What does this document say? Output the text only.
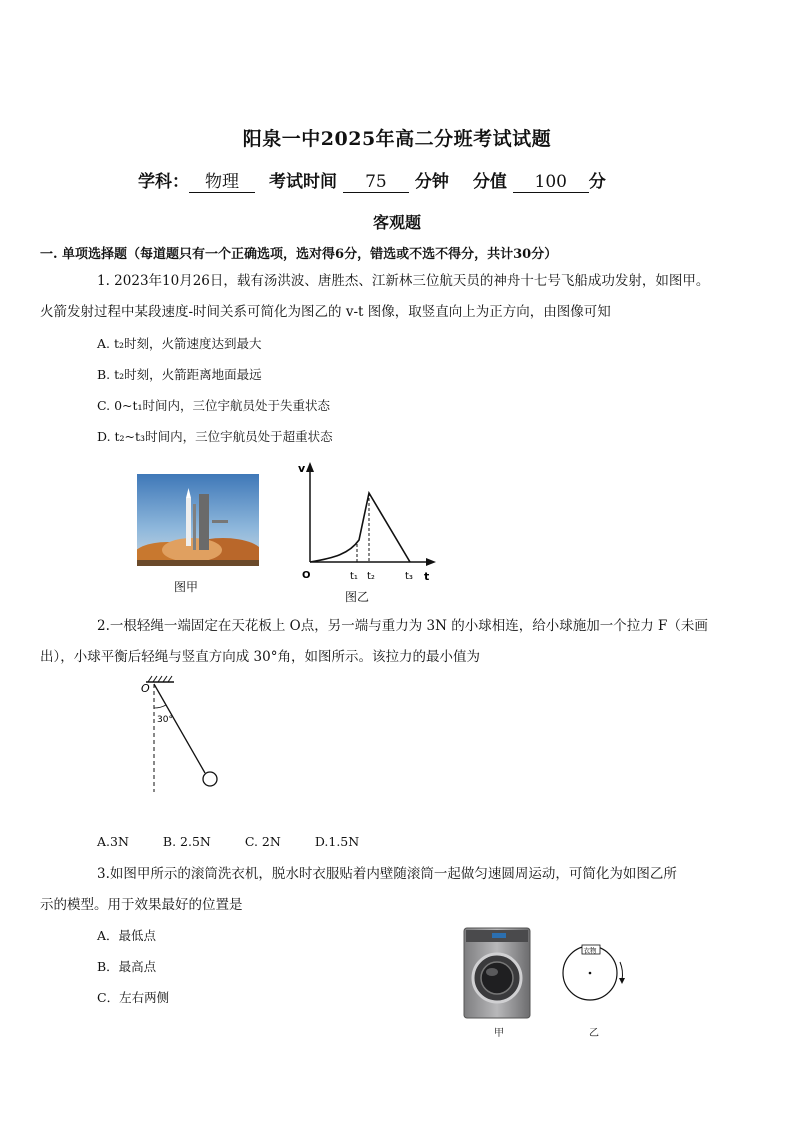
阳泉一中2025年高二分班考试试题
学科： 物理 考试时间 75 分钟 分值 100 分
客观题
一. 单项选择题（每道题只有一个正确选项，选对得6分，错选或不选不得分，共计30分）
1. 2023年10月26日，载有汤洪波、唐胜杰、江新林三位航天员的神舟十七号飞船成功发射，如图甲。
火箭发射过程中某段速度-时间关系可简化为图乙的 v-t 图像，取竖直向上为正方向，由图像可知
A. t₂时刻，火箭速度达到最大
B. t₂时刻，火箭距离地面最远
C. 0~t₁时间内，三位宇航员处于失重状态
D. t₂~t₃时间内，三位宇航员处于超重状态
图甲
v
O	t₁ t₂	t₃ t
图乙
2.一根轻绳一端固定在天花板上 O点，另一端与重力为 3N 的小球相连，给小球施加一个拉力 F（未画
出），小球平衡后轻绳与竖直方向成 30°角，如图所示。该拉力的最小值为
O
30°
A.3N	B. 2.5N	C. 2N	D.1.5N
3.如图甲所示的滚筒洗衣机，脱水时衣服贴着内壁随滚筒一起做匀速圆周运动，可简化为如图乙所
示的模型。用于效果最好的位置是
A．最低点
B．最高点
C．左右两侧
甲
衣物
乙
